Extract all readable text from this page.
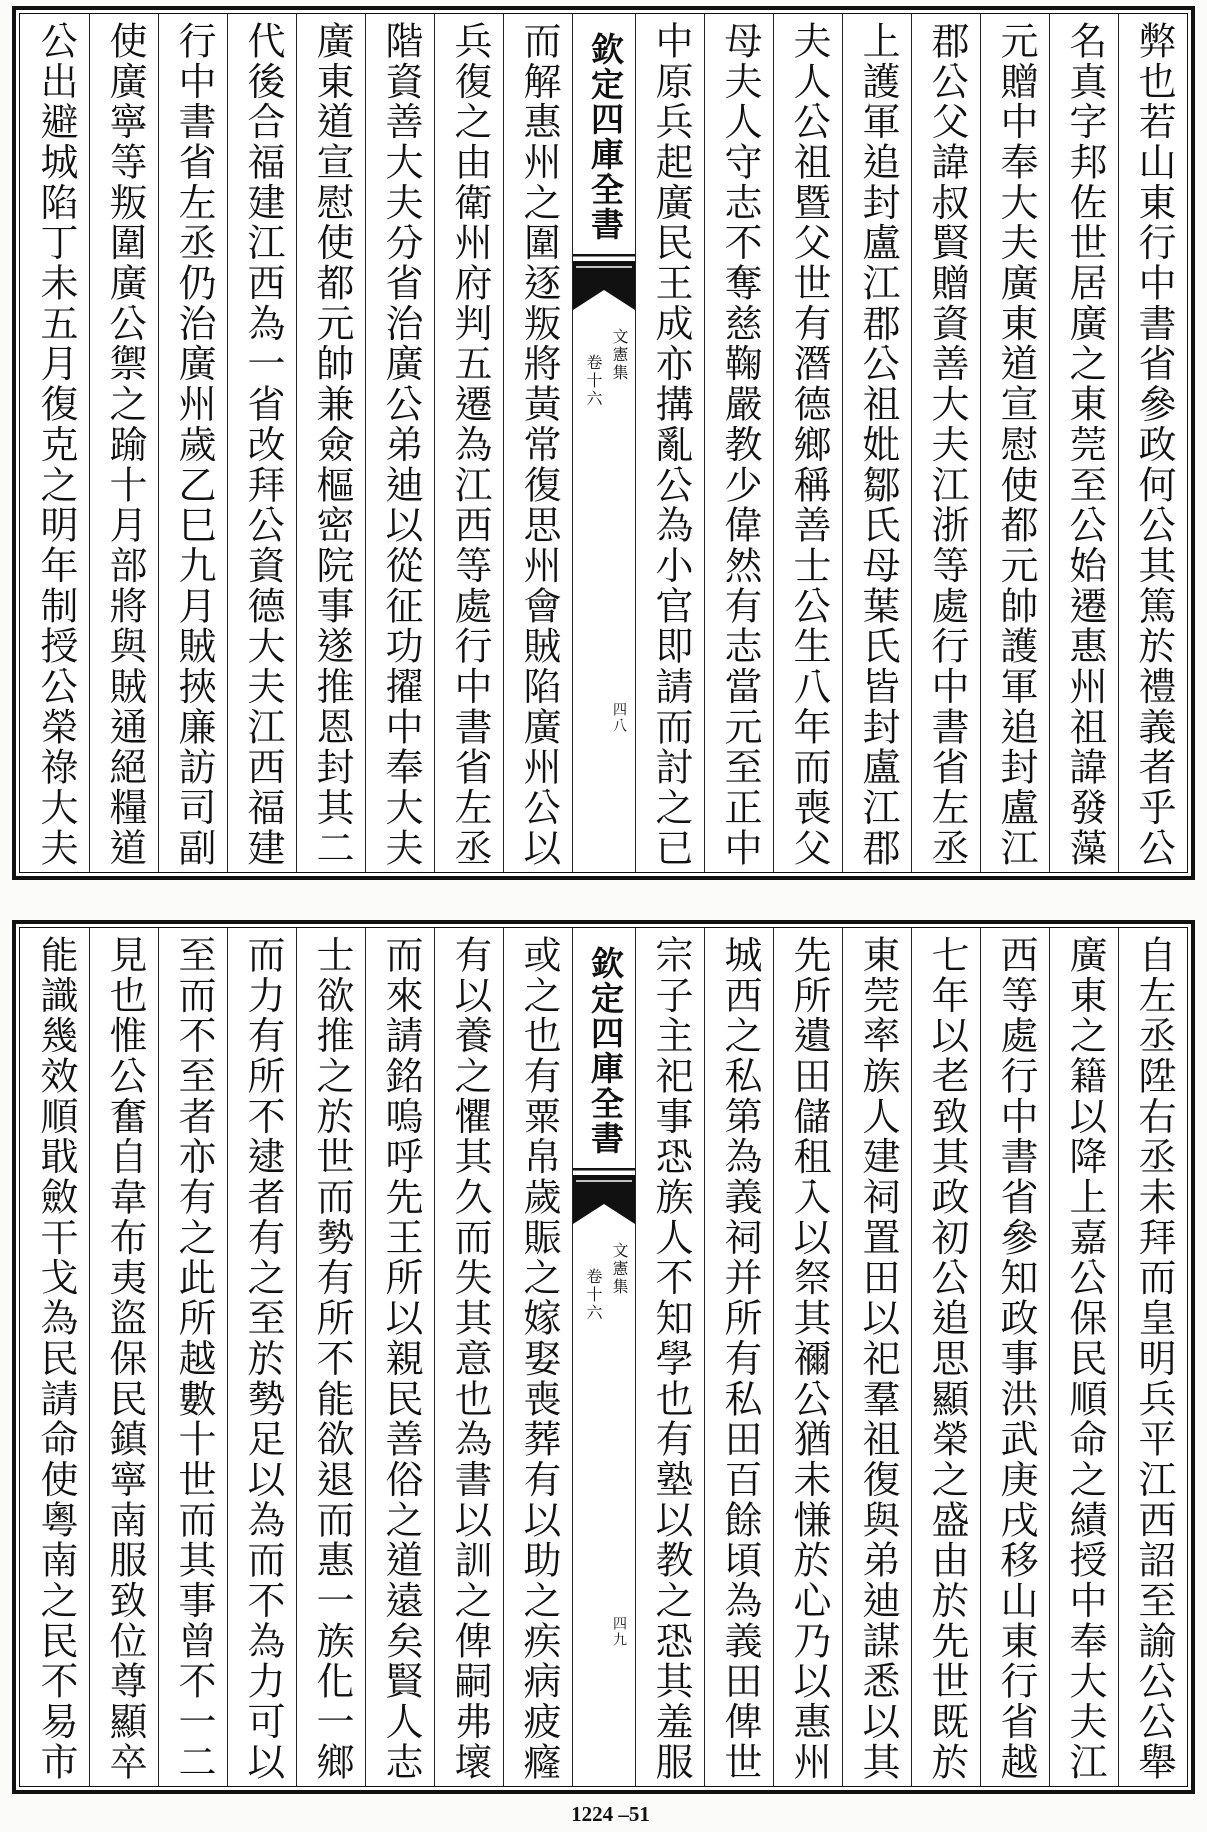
弊也若山東行中書省參政何公其篤於禮義者乎公
名真字邦佐世居廣之東莞至公始遷惠州祖諱發藻
元贈中奉大夫廣東道宣慰使都元帥護軍追封盧江
郡公父諱叔賢贈資善大夫江浙等處行中書省左丞
上護軍追封盧江郡公祖妣鄒氏母葉氏皆封盧江郡
夫人公祖暨父世有潛德鄉稱善士公生八年而喪父
母夫人守志不奪慈鞠嚴教少偉然有志當元至正中
中原兵起廣民王成亦搆亂公為小官即請而討之已
欽定四庫全書
文憲集
卷十六
四八
而解惠州之圍逐叛將黃常復思州會賊陷廣州公以
兵復之由衛州府判五遷為江西等處行中書省左丞
階資善大夫分省治廣公弟迪以從征功擢中奉大夫
廣東道宣慰使都元帥兼僉樞密院事遂推恩封其二
代後合福建江西為一省改拜公資德大夫江西福建
行中書省左丞仍治廣州歲乙巳九月賊挾廉訪司副
使廣寧等叛圍廣公禦之踰十月部將與賊通絕糧道
公出避城陷丁未五月復克之明年制授公榮祿大夫
自左丞陞右丞未拜而皇明兵平江西詔至諭公公舉
廣東之籍以降上嘉公保民順命之績授中奉大夫江
西等處行中書省參知政事洪武庚戌移山東行省越
七年以老致其政初公追思顯榮之盛由於先世既於
東莞率族人建祠置田以祀羣祖復與弟迪謀悉以其
先所遺田儲租入以祭其禰公猶未慊於心乃以惠州
城西之私第為義祠并所有私田百餘頃為義田俾世
宗子主祀事恐族人不知學也有塾以教之恐其羞服
欽定四庫全書
文憲集
卷十六
四九
或之也有粟帛歲賑之嫁娶喪葬有以助之疾病疲癃
有以養之懼其久而失其意也為書以訓之俾嗣弗壞
而來請銘嗚呼先王所以親民善俗之道遠矣賢人志
士欲推之於世而勢有所不能欲退而惠一族化一鄉
而力有所不逮者有之至於勢足以為而不為力可以
至而不至者亦有之此所越數十世而其事曾不一二
見也惟公奮自韋布夷盜保民鎮寧南服致位尊顯卒
能識幾效順戢斂干戈為民請命使粵南之民不易市
1224 –51
